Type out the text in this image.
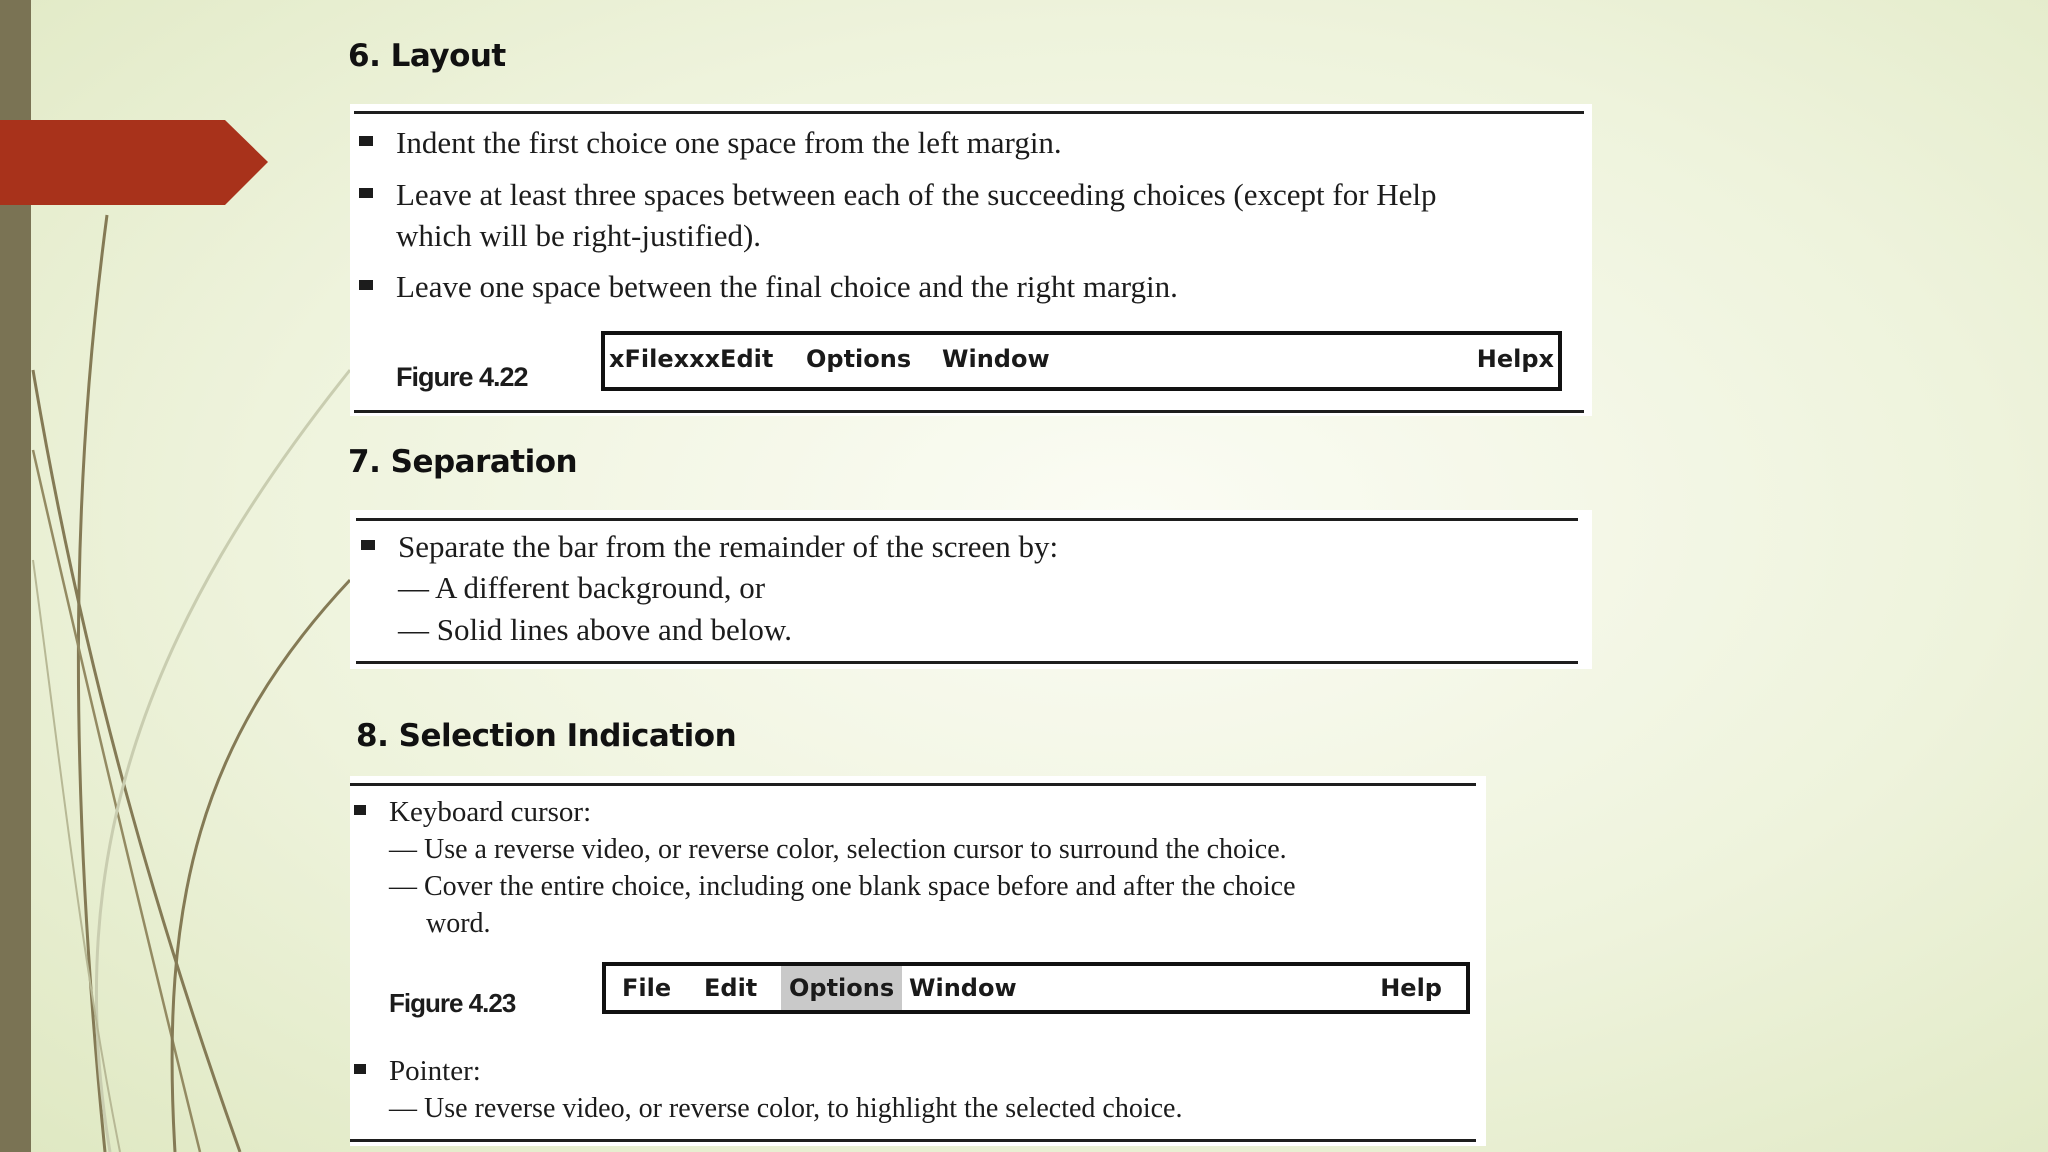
6. Layout
Indent the first choice one space from the left margin.
Leave at least three spaces between each of the succeeding choices (except for Help
which will be right-justified).
Leave one space between the final choice and the right margin.
Figure 4.22
xFilexxxEdit Options Window	Helpx
7. Separation
Separate the bar from the remainder of the screen by:
— A different background, or
— Solid lines above and below.
8. Selection Indication
Keyboard cursor:
— Use a reverse video, or reverse color, selection cursor to surround the choice.
— Cover the entire choice, including one blank space before and after the choice
word.
Figure 4.23	File Edit	Options Window	Help
Pointer:
— Use reverse video, or reverse color, to highlight the selected choice.
